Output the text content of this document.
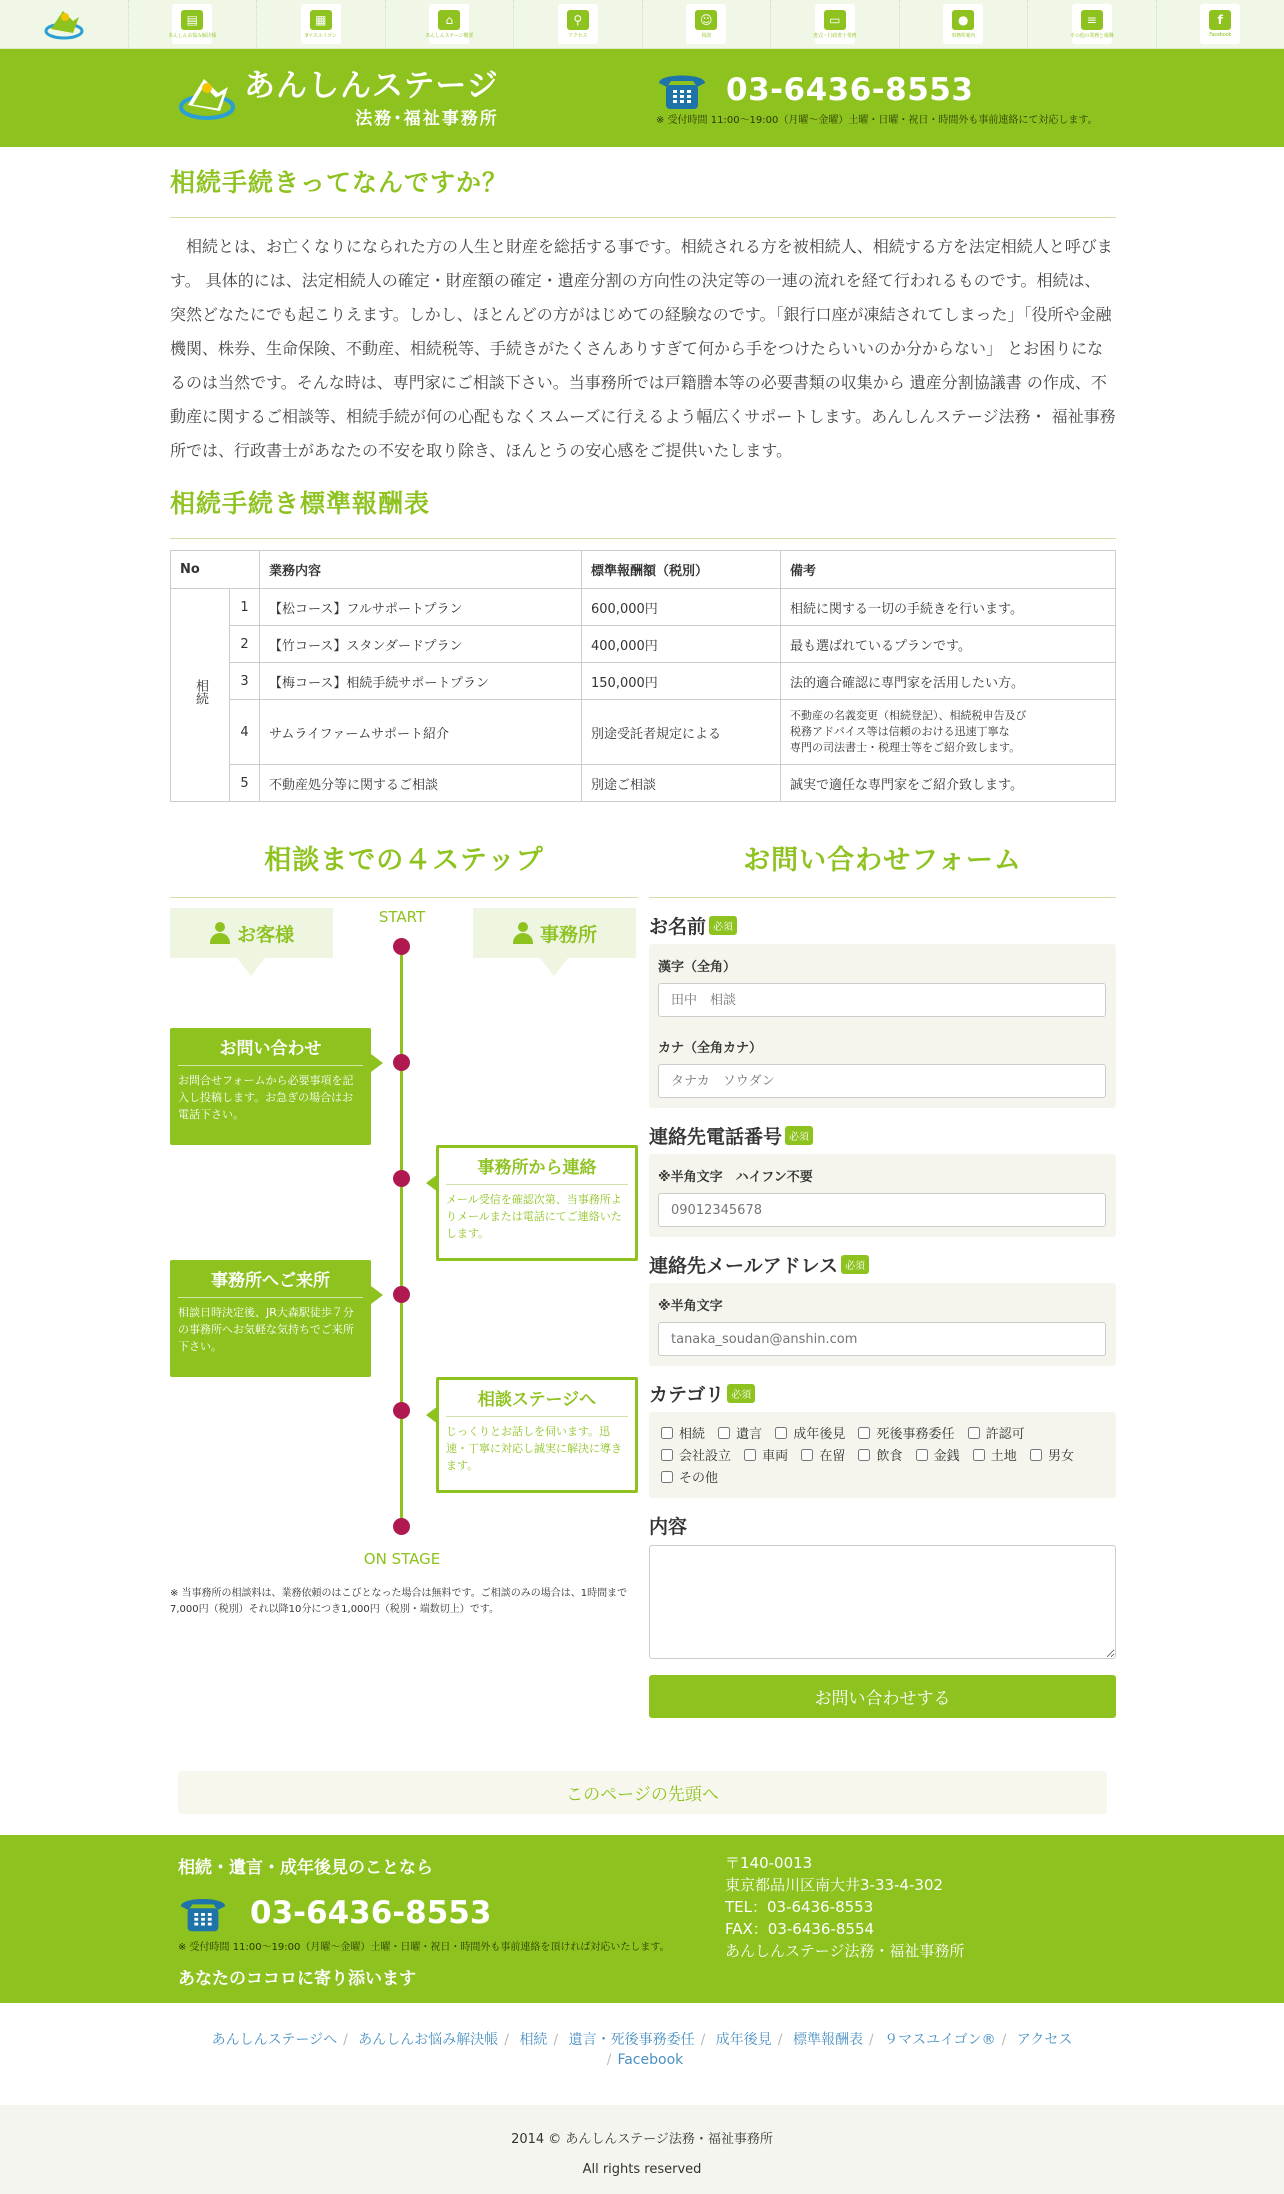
▤
あんしんお悩み解決帳
▦
9マスユイゴン
⌂
あんしんステージ概要
⚲
アクセス
☺
相談
▭
書式・行政書士業務
●
事務所案内
≡
その他の業務と報酬
f
Facebook
あんしんステージ
法務･福祉事務所
03-6436-8553
※ 受付時間 11:00～19:00（月曜～金曜）土曜・日曜・祝日・時間外も事前連絡にて対応します。
相続手続きってなんですか？

相続とは、お亡くなりになられた方の人生と財産を総括する事です。相続される方を被相続人、相続する方を法定相続人と呼びます。 具体的には、法定相続人の確定・財産額の確定・遺産分割の方向性の決定等の一連の流れを経て行われるものです。相続は、 突然どなたにでも起こりえます。しかし、ほとんどの方がはじめての経験なのです。「銀行口座が凍結されてしまった」「役所や金融機関、株券、生命保険、不動産、相続税等、手続きがたくさんありすぎて何から手をつけたらいいのか分からない」 とお困りになるのは当然です。そんな時は、専門家にご相談下さい。当事務所では戸籍謄本等の必要書類の収集から 遺産分割協議書 の作成、不動産に関するご相談等、相続手続が何の心配もなくスムーズに行えるよう幅広くサポートします。あんしんステージ法務・ 福祉事務所では、行政書士があなたの不安を取り除き、ほんとうの安心感をご提供いたします。

相続手続き標準報酬表
No		業務内容	標準報酬額（税別）	備考
相続	1	【松コース】フルサポートプラン	600,000円	相続に関する一切の手続きを行います。
	2	【竹コース】スタンダードプラン	400,000円	最も選ばれているプランです。
	3	【梅コース】相続手続サポートプラン	150,000円	法的適合確認に専門家を活用したい方。
	4	サムライファームサポート紹介	別途受託者規定による	不動産の名義変更（相続登記）、相続税申告及び
税務アドバイス等は信頼のおける迅速丁寧な
専門の司法書士・税理士等をご紹介致します。

	5	不動産処分等に関するご相談	別途ご相談	誠実で適任な専門家をご紹介致します。
相談までの４ステップ
START
お客様	事務所
お問い合わせ
お問合せフォームから必要事項を記入し投稿します。お急ぎの場合はお電話下さい。
事務所から連絡
メール受信を確認次第、当事務所よりメールまたは電話にてご連絡いたします。
事務所へご来所
相談日時決定後、JR大森駅徒歩７分の事務所へお気軽な気持ちでご来所下さい。
相談ステージへ
じっくりとお話しを伺います。迅速・丁寧に対応し誠実に解決に導きます。
ON STAGE
※ 当事務所の相談料は、業務依頼のはこびとなった場合は無料です。ご相談のみの場合は、1時間まで7,000円（税別）それ以降10分につき1,000円（税別・端数切上）です。
お問い合わせフォーム
お名前 必須
漢字（全角）
田中　相談
カナ（全角カナ）
タナカ　ソウダン
連絡先電話番号 必須
※半角文字　ハイフン不要
09012345678
連絡先メールアドレス 必須
※半角文字
tanaka_soudan@anshin.com
カテゴリ 必須
相続 遺言 成年後見 死後事務委任 許認可 会社設立 車両 在留 飲食 金銭 土地 男女 その他
内容
お問い合わせする
このページの先頭へ
相続・遺言・成年後見のことなら
03-6436-8553
※ 受付時間 11:00～19:00（月曜～金曜）土曜・日曜・祝日・時間外も事前連絡を頂ければ対応いたします。
あなたのココロに寄り添います
〒140-0013
東京都品川区南大井3-33-4-302
TEL：03-6436-8553
FAX：03-6436-8554
あんしんステージ法務・福祉事務所
あんしんステージへ / あんしんお悩み解決帳 / 相続 / 遺言・死後事務委任 / 成年後見 / 標準報酬表 / ９マスユイゴン® / アクセス
/ Facebook
2014 © あんしんステージ法務・福祉事務所
All rights reserved
